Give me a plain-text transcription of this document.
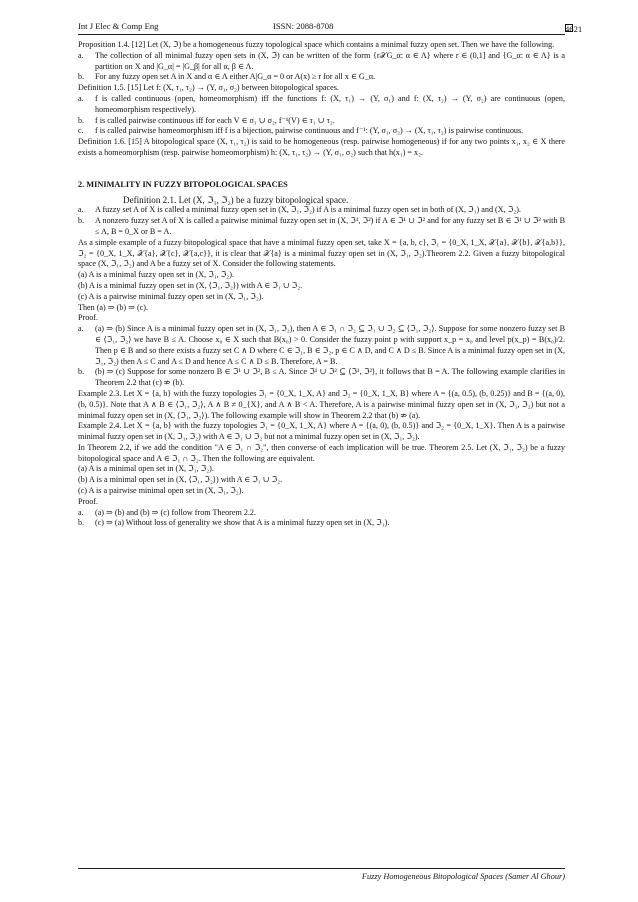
Int J Elec & Comp Eng	ISSN: 2088-8708	4621

Proposition 1.4. [12] Let (X, ℑ) be a homogeneous fuzzy topological space which contains a minimal fuzzy open set. Then we have the following.

a. The collection of all minimal fuzzy open sets in (X, ℑ) can be written of the form {r𝒳G_α: α ∈ Λ} where r ∈ (0,1] and {G_α: α ∈ Λ} is a partition on X and |G_α| = |G_β| for all α, β ∈ Λ.

b. For any fuzzy open set A in X and α ∈ Λ either A|G_α = 0 or A(x) ≥ r for all x ∈ G_α.

Definition 1.5. [15] Let f: (X, τ₁, τ₂) → (Y, σ₁, σ₂) between bitopological spaces.

a. f is called continuous (open, homeomorphism) iff the functions f: (X, τ₁) → (Y, σ₁) and f: (X, τ₂) → (Y, σ₂) are continuous (open, homeomorphism respectively).

b. f is called pairwise continuous iff for each V ∈ σ₁ ∪ σ₂, f⁻¹(V) ∈ τ₁ ∪ τ₂.

c. f is called pairwise homeomorphism iff f is a bijection, pairwise continuous and f⁻¹: (Y, σ₁, σ₂) → (X, τ₁, τ₂) is pairwise continuous.

Definition 1.6. [15] A bitopological space (X, τ₁, τ₂) is said to be homogeneous (resp. pairwise homogeneous) if for any two points x₁, x₂ ∈ X there exists a homeomorphism (resp. pairwise homeomorphism) h: (X, τ₁, τ₂) → (Y, σ₁, σ₂) such that h(x₁) = x₂.

2. MINIMALITY IN FUZZY BITOPOLOGICAL SPACES

Definition 2.1. Let (X, ℑ₁, ℑ₂) be a fuzzy bitopological space.

a. A fuzzy set A of X is called a minimal fuzzy open set in (X, ℑ₁, ℑ₂) if A is a minimal fuzzy open set in both of (X, ℑ₁) and (X, ℑ₂).

b. A nonzero fuzzy set A of X is called a pairwise minimal fuzzy open set in (X, ℑ¹, ℑ²) if A ∈ ℑ¹ ∪ ℑ² and for any fuzzy set B ∈ ℑ¹ ∪ ℑ² with B ≤ A, B = 0_X or B = A.

As a simple example of a fuzzy bitopological space that have a minimal fuzzy open set, take X = {a, b, c}, ℑ₁ = {0_X, 1_X, 𝒳{a}, 𝒳{b}, 𝒳{a,b}}, ℑ₂ = {0_X, 1_X, 𝒳{a}, 𝒳{c}, 𝒳{a,c}}, it is clear that 𝒳{a} is a minimal fuzzy open set in (X, ℑ₁, ℑ₂).Theorem 2.2. Given a fuzzy bitopological space (X, ℑ₁, ℑ₂) and A be a fuzzy set of X. Consider the following statements.

(a) A is a minimal fuzzy open set in (X, ℑ₁, ℑ₂).

(b) A is a minimal fuzzy open set in (X, ⟨ℑ₁, ℑ₂⟩) with A ∈ ℑ₁ ∪ ℑ₂.

(c) A is a pairwise minimal fuzzy open set in (X, ℑ₁, ℑ₂).

Then (a) ⇒ (b) ⇒ (c).

Proof.

a. (a) ⇒ (b) Since A is a minimal fuzzy open set in (X, ℑ₁, ℑ₂), then A ∈ ℑ₁ ∩ ℑ₂ ⊆ ℑ₁ ∪ ℑ₂ ⊆ ⟨ℑ₁, ℑ₂⟩. Suppose for some nonzero fuzzy set B ∈ ⟨ℑ₁, ℑ₂⟩ we have B ≤ A. Choose x₀ ∈ X such that B(x₀) > 0. Consider the fuzzy point p with support x_p = x₀ and level p(x_p) = B(x₀)/2. Then p ∈ B and so there exists a fuzzy set C ∧ D where C ∈ ℑ₁, B ∈ ℑ₂, p ∈ C ∧ D, and C ∧ D ≤ B. Since A is a minimal fuzzy open set in (X, ℑ₁, ℑ₂) then A ≤ C and A ≤ D and hence A ≤ C ∧ D ≤ B. Therefore, A = B.

b. (b) ⇒ (c) Suppose for some nonzero B ∈ ℑ¹ ∪ ℑ², B ≤ A. Since ℑ¹ ∪ ℑ² ⊆ ⟨ℑ¹, ℑ²⟩, it follows that B = A. The following example clarifies in Theorem 2.2 that (c) ⇏ (b).

Example 2.3. Let X = {a, b} with the fuzzy topologies ℑ₁ = {0_X, 1_X, A} and ℑ₂ = {0_X, 1_X, B} where A = {(a, 0.5), (b, 0.25)} and B = {(a, 0), (b, 0.5)}. Note that A ∧ B ∈ ⟨ℑ₁, ℑ₂⟩, A ∧ B ≠ 0_{X}, and A ∧ B < A. Therefore, A is a pairwise minimal fuzzy open set in (X, ℑ₁, ℑ₂) but not a minimal fuzzy open set in (X, ⟨ℑ₁, ℑ₂⟩). The following example will show in Theorem 2.2 that (b) ⇏ (a).

Example 2.4. Let X = {a, b} with the fuzzy topologies ℑ₁ = {0_X, 1_X, A} where A = {(a, 0), (b, 0.5)} and ℑ₂ = {0_X, 1_X}. Then A is a pairwise minimal fuzzy open set in (X, ℑ₁, ℑ₂) with A ∈ ℑ₁ ∪ ℑ₂ but not a minimal fuzzy open set in (X, ℑ₁, ℑ₂).

In Theorem 2.2, if we add the condition "A ∈ ℑ₁ ∩ ℑ₂", then converse of each implication will be true. Theorem 2.5. Let (X, ℑ₁, ℑ₂) be a fuzzy bitopological space and A ∈ ℑ₁ ∩ ℑ₂. Then the following are equivalent.

(a) A is a minimal open set in (X, ℑ₁, ℑ₂).

(b) A is a minimal open set in (X, ⟨ℑ₁, ℑ₂⟩) with A ∈ ℑ₁ ∪ ℑ₂.

(c) A is a pairwise minimal open set in (X, ℑ₁, ℑ₂).

Proof.

a. (a) ⇒ (b) and (b) ⇒ (c) follow from Theorem 2.2.

b. (c) ⇒ (a) Without loss of generality we show that A is a minimal fuzzy open set in (X, ℑ₁).

Fuzzy Homogeneous Bitopological Spaces (Samer Al Ghour)
